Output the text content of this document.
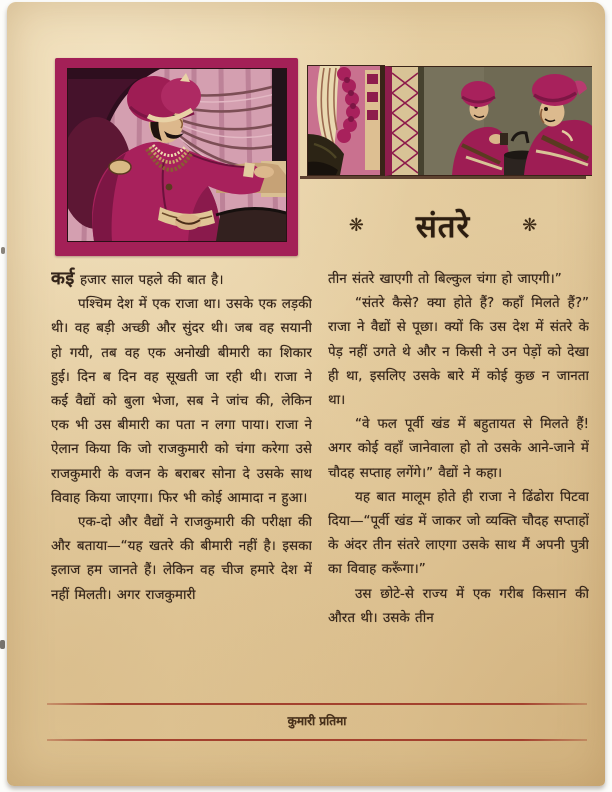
❋ संतरे	❋

कई हजार साल पहले की बात है।

पश्चिम देश में एक राजा था। उसके एक लड़की थी। वह बड़ी अच्छी और सुंदर थी। जब वह सयानी हो गयी, तब वह एक अनोखी बीमारी का शिकार हुई। दिन ब दिन वह सूखती जा रही थी। राजा ने कई वैद्यों को बुला भेजा, सब ने जांच की, लेकिन एक भी उस बीमारी का पता न लगा पाया। राजा ने ऐलान किया कि जो राजकुमारी को चंगा करेगा उसे राजकुमारी के वजन के बराबर सोना दे उसके साथ विवाह किया जाएगा। फिर भी कोई आमादा न हुआ।

एक-दो और वैद्यों ने राजकुमारी की परीक्षा की और बताया—“यह खतरे की बीमारी नहीं है। इसका इलाज हम जानते हैं। लेकिन वह चीज हमारे देश में नहीं मिलती। अगर राजकुमारी

तीन संतरे खाएगी तो बिल्कुल चंगा हो जाएगी।”

“संतरे कैसे? क्या होते हैं? कहाँ मिलते हैं?” राजा ने वैद्यों से पूछा। क्यों कि उस देश में संतरे के पेड़ नहीं उगते थे और न किसी ने उन पेड़ों को देखा ही था, इसलिए उसके बारे में कोई कुछ न जानता था।

“वे फल पूर्वी खंड में बहुतायत से मिलते हैं! अगर कोई वहाँ जानेवाला हो तो उसके आने-जाने में चौदह सप्ताह लगेंगे।” वैद्यों ने कहा।

यह बात मालूम होते ही राजा ने ढिंढोरा पिटवा दिया—“पूर्वी खंड में जाकर जो व्यक्ति चौदह सप्ताहों के अंदर तीन संतरे लाएगा उसके साथ मैं अपनी पुत्री का विवाह करूँगा।”

उस छोटे-से राज्य में एक गरीब किसान की औरत थी। उसके तीन

कुमारी प्रतिमा
